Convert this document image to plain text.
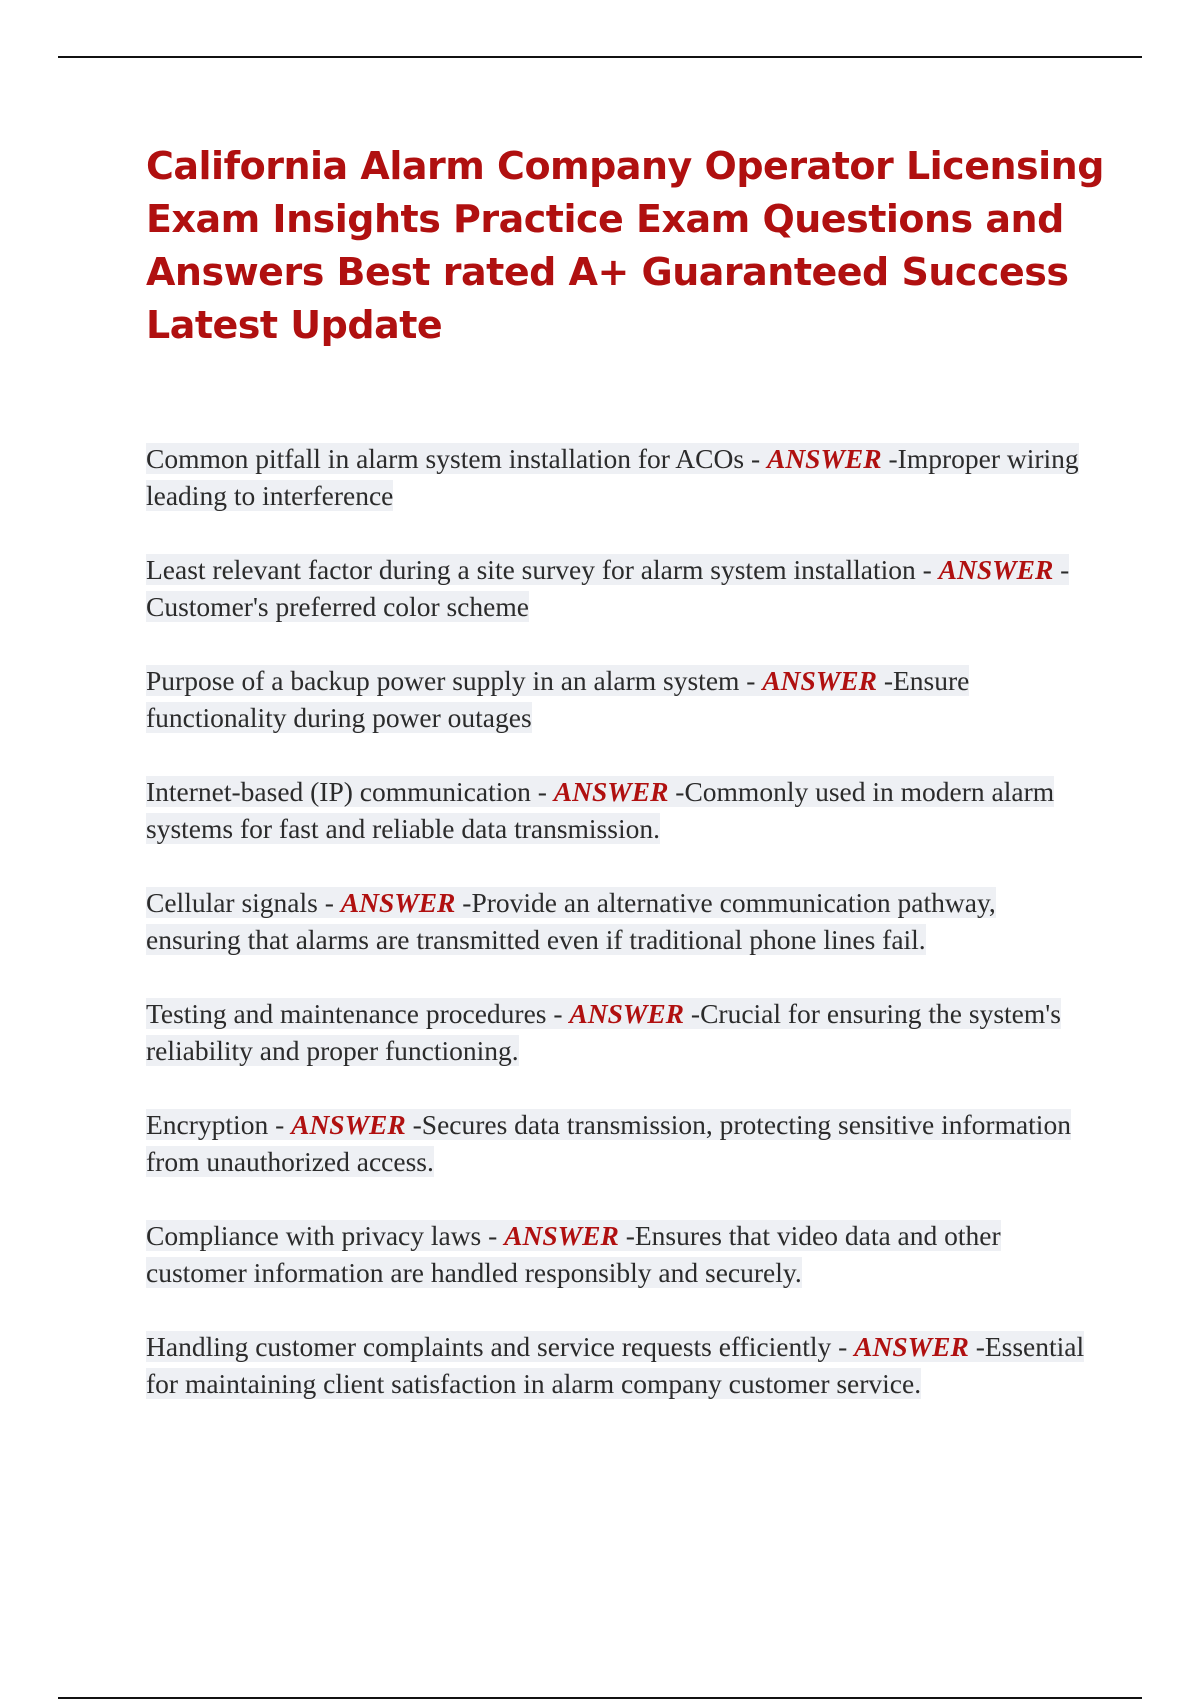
California Alarm Company Operator Licensing Exam Insights Practice Exam Questions and Answers Best rated A+ Guaranteed Success Latest Update
Common pitfall in alarm system installation for ACOs - ANSWER -Improper wiring leading to interference
Least relevant factor during a site survey for alarm system installation - ANSWER -Customer's preferred color scheme
Purpose of a backup power supply in an alarm system - ANSWER -Ensure functionality during power outages
Internet-based (IP) communication - ANSWER -Commonly used in modern alarm systems for fast and reliable data transmission.
Cellular signals - ANSWER -Provide an alternative communication pathway, ensuring that alarms are transmitted even if traditional phone lines fail.
Testing and maintenance procedures - ANSWER -Crucial for ensuring the system's reliability and proper functioning.
Encryption - ANSWER -Secures data transmission, protecting sensitive information from unauthorized access.
Compliance with privacy laws - ANSWER -Ensures that video data and other customer information are handled responsibly and securely.
Handling customer complaints and service requests efficiently - ANSWER -Essential for maintaining client satisfaction in alarm company customer service.
